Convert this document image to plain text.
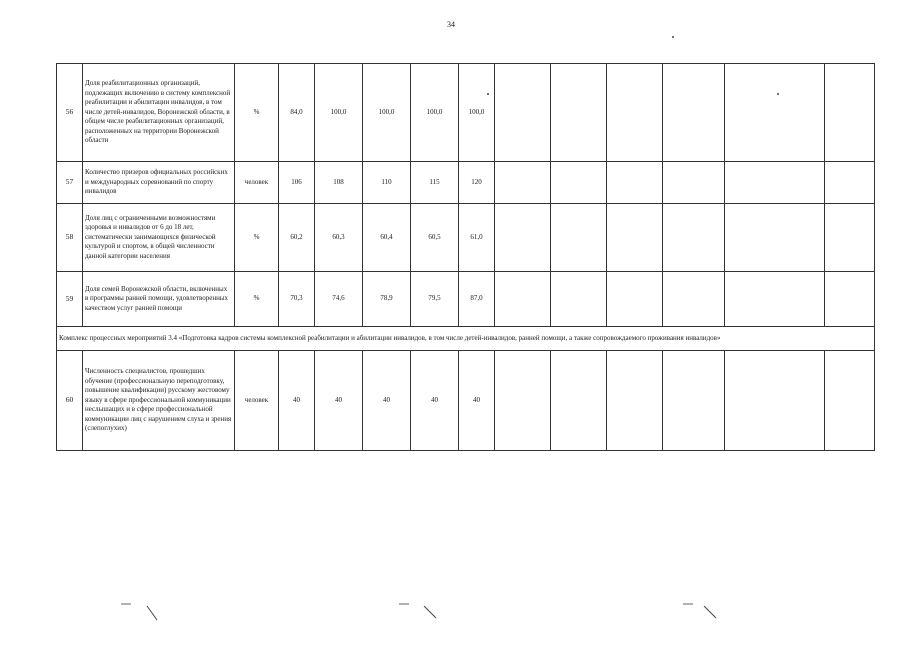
34
56	Доля реабилитационных организаций, подлежащих включению в систему комплексной реабилитации и абилитации инвалидов, в том числе детей-инвалидов, Воронежской области, в общем числе реабилитационных организаций, расположенных на территории Воронежской области	%	84,0	100,0	100,0	100,0	100,0							
57	Количество призеров официальных российских и международных соревнований по спорту инвалидов	человек	106	108	110	115	120							
58	Доля лиц с ограниченными возможностями здоровья и инвалидов от 6 до 18 лет, систематически занимающихся физической культурой и спортом, в общей численности данной категории населения	%	60,2	60,3	60,4	60,5	61,0							
59	Доля семей Воронежской области, включенных в программы ранней помощи, удовлетворенных качеством услуг ранней помощи	%	70,3	74,6	78,9	79,5	87,0							
Комплекс процессных мероприятий 3.4 «Подготовка кадров системы комплексной реабилитации и абилитации инвалидов, в том числе детей-инвалидов, ранней помощи, а также сопровождаемого проживания инвалидов»														
60	Численность специалистов, прошедших обучение (профессиональную переподготовку, повышение квалификации) русскому жестовому языку в сфере профессиональной коммуникации неслышащих и в сфере профессиональной коммуникации лиц с нарушением слуха и зрения (слепоглухих)	человек	40	40	40	40	40							
